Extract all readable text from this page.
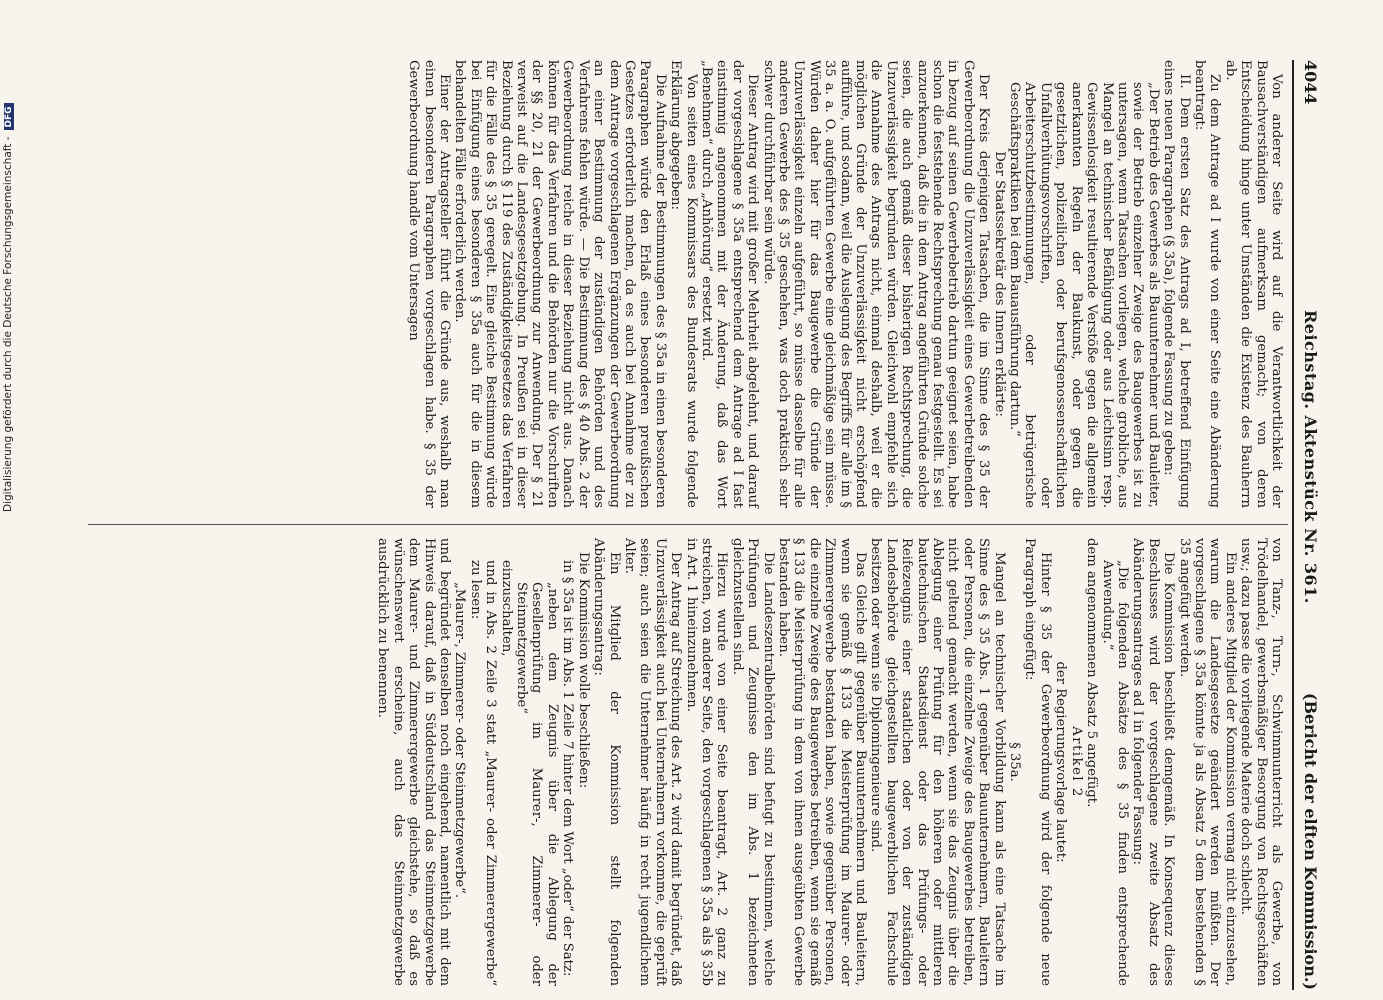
4044
Reichstag. Aktenstück Nr. 361.
(Bericht der elften Kommission.)

Von anderer Seite wird auf die Verantwortlichkeit der Bausachverständigen aufmerksam gemacht; von deren Entscheidung hinge unter Umständen die Existenz des Bauherrn ab.

Zu dem Antrage ad I wurde von einer Seite eine Abänderung beantragt:

II. Dem ersten Satz des Antrags ad I, betreffend Einfügung eines neuen Paragraphen (§ 35a), folgende Fassung zu geben:

„Der Betrieb des Gewerbes als Bauunternehmer und Bauleiter, sowie der Betrieb einzelner Zweige des Baugewerbes ist zu untersagen, wenn Tatsachen vorliegen, welche grobliche, aus Mangel an technischer Befähigung oder aus Leichtsinn resp. Gewissenlosigkeit resultierende Verstöße gegen die allgemein anerkannten Regeln der Baukunst, oder gegen die gesetzlichen, polizeilichen oder berufsgenossenschaftlichen Unfallverhütungsvorschriften, oder Arbeiterschutzbestimmungen, oder betrügerische Geschäftspraktiken bei dem Bauausführung dartun.“

Der Staatssekretär des Innern erklärte:

Der Kreis derjenigen Tatsachen, die im Sinne des § 35 der Gewerbeordnung die Unzuverlässigkeit eines Gewerbetreibenden in bezug auf seinen Gewerbebetrieb dartun geeignet seien, habe schon die feststehende Rechtsprechung genau festgestellt. Es sei anzuerkennen, daß die in dem Antrag angeführten Gründe solche seien, die auch gemäß dieser bisherigen Rechtsprechung, die Unzuverlässigkeit begründen würden. Gleichwohl empfehle sich die Annahme des Antrags nicht, einmal deshalb, weil er die möglichen Gründe der Unzuverlässigkeit nicht erschöpfend aufführe, und sodann, weil die Auslegung des Begriffs für alle im § 35 a. a. O. aufgeführten Gewerbe eine gleichmäßige sein müsse. Würden daher hier für das Baugewerbe die Gründe der Unzuverlässigkeit einzeln aufgeführt, so müsse dasselbe für alle anderen Gewerbe des § 35 geschehen, was doch praktisch sehr schwer durchführbar sein würde.

Dieser Antrag wird mit großer Mehrheit abgelehnt, und darauf der vorgeschlagene § 35a entsprechend dem Antrage ad I fast einstimmig angenommen mit der Änderung, daß das Wort „Benehmen“ durch „Anhörung“ ersetzt wird.

Von seiten eines Kommissars des Bundesrats wurde folgende Erklärung abgegeben:

Die Aufnahme der Bestimmungen des § 35a in einen besonderen Paragraphen würde den Erlaß eines besonderen preußischen Gesetzes erforderlich machen, da es auch bei Annahme der zu dem Antrage vorgeschlagenen Ergänzungen der Gewerbeordnung an einer Bestimmung der zuständigen Behörden und des Verfahrens fehlen würde. — Die Bestimmung des § 40 Abs. 2 der Gewerbeordnung reiche in dieser Beziehung nicht aus. Danach können für das Verfahren und die Behörden nur die Vorschriften der §§ 20, 21 der Gewerbeordnung zur Anwendung. Der § 21 verweist auf die Landesgesetzgebung. In Preußen sei in dieser Beziehung durch § 119 des Zuständigkeitsgesetzes das Verfahren für die Fälle des § 35 geregelt. Eine gleiche Bestimmung würde bei Einfügung eines besonderen § 35a auch für die in diesem behandelten Fälle erforderlich werden.

Einer der Antragsteller führt die Gründe aus, weshalb man einen besonderen Paragraphen vorgeschlagen habe. § 35 der Gewerbeordnung handle vom Untersagen

von Tanz-, Turn-, Schwimmunterricht als Gewerbe, von Trödelhandel, gewerbsmäßiger Besorgung von Rechtsgeschäften usw.; dazu passe die vorliegende Materie doch schlecht.

Ein anderes Mitglied der Kommission vermag nicht einzusehen, warum die Landesgesetze geändert werden müßten. Der vorgeschlagene § 35a könnte ja als Absatz 5 dem bestehenden § 35 angefügt werden.

Die Kommission beschließt demgemäß. In Konsequenz dieses Beschlusses wird der vorgeschlagene zweite Absatz des Abänderungsantrages ad I in folgender Fassung:

„Die folgenden Absätze des § 35 finden entsprechende Anwendung.“

dem angenommenen Absatz 5 angefügt.

Artikel 2

der Regierungsvorlage lautet:

Hinter § 35 der Gewerbeordnung wird der folgende neue Paragraph eingefügt:

§ 35a.

Mangel an technischer Vorbildung kann als eine Tatsache im Sinne des § 35 Abs. 1 gegenüber Bauunternehmern, Bauleitern oder Personen, die einzelne Zweige des Baugewerbes betreiben, nicht geltend gemacht werden, wenn sie das Zeugnis über die Ablegung einer Prüfung für den höheren oder mittleren bautechnischen Staatsdienst oder das Prüfungs- oder Reifezeugnis einer staatlichen oder von der zuständigen Landesbehörde gleichgestellten baugewerblichen Fachschule besitzen oder wenn sie Diplomingenieure sind.

Das Gleiche gilt gegenüber Bauunternehmern und Bauleitern, wenn sie gemäß § 133 die Meisterprüfung im Maurer- oder Zimmerergewerbe bestanden haben, sowie gegenüber Personen, die einzelne Zweige des Baugewerbes betreiben, wenn sie gemäß § 133 die Meisterprüfung in dem von ihnen ausgeübten Gewerbe bestanden haben.

Die Landeszentralbehörden sind befugt zu bestimmen, welche Prüfungen und Zeugnisse den im Abs. 1 bezeichneten gleichzustellen sind.

Hierzu wurde von einer Seite beantragt, Art. 2 ganz zu streichen, von anderer Seite, den vorgeschlagenen § 35a als § 35b in Art. 1 hineinzunehmen.

Der Antrag auf Streichung des Art. 2 wird damit begründet, daß Unzuverlässigkeit auch bei Unternehmern vorkomme, die geprüft seien; auch seien die Unternehmer häufig in recht jugendlichem Alter.

Ein Mitglied der Kommission stellt folgenden Abänderungsantrag:

Die Kommission wolle beschließen:

in § 35a ist im Abs. 1 Zeile 7 hinter dem Wort „oder“ der Satz:

„neben dem Zeugnis über die Ablegung der Gesellenprüfung im Maurer-, Zimmerer- oder Steinmetzgewerbe“

einzuschalten,

und in Abs. 2 Zeile 3 statt „Maurer- oder Zimmerergewerbe“ zu lesen:

„Maurer-, Zimmerer- oder Steinmetzgewerbe“.

und begründet denselben noch eingehend, namentlich mit dem Hinweis darauf, daß in Süddeutschland das Steinmetzgewerbe dem Maurer- und Zimmerergewerbe gleichstehe, so daß es wünschenswert erscheine, auch das Steinmetzgewerbe ausdrücklich zu benennen.

Digitalisierung gefördert durch die Deutsche Forschungsgemeinschaft -DFG
